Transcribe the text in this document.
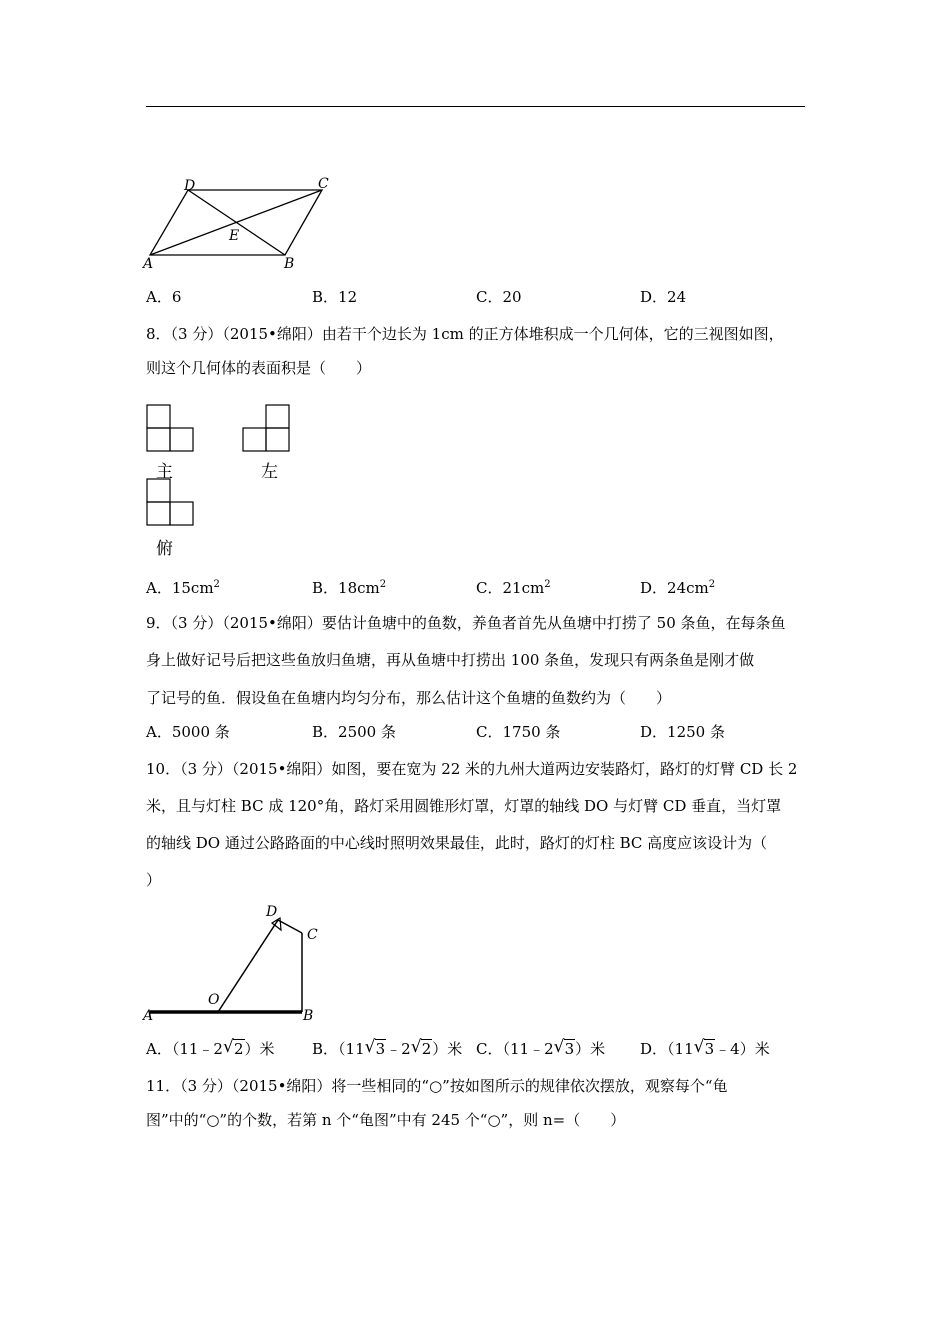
D	C
E
A	B
A．6	B．12	C．20	D．24
8．（3 分）（2015•绵阳）由若干个边长为 1cm 的正方体堆积成一个几何体，它的三视图如图，
则这个几何体的表面积是（　　）
主	左
俯
A．$15cm^2$	B．$18cm^2$	C．$21cm^2$	D．$24cm^2$
9．（3 分）（2015•绵阳）要估计鱼塘中的鱼数，养鱼者首先从鱼塘中打捞了 50 条鱼，在每条鱼
身上做好记号后把这些鱼放归鱼塘，再从鱼塘中打捞出 100 条鱼，发现只有两条鱼是刚才做
了记号的鱼．假设鱼在鱼塘内均匀分布，那么估计这个鱼塘的鱼数约为（　　）
A．5000 条	B．2500 条	C．1750 条	D．1250 条
10．（3 分）（2015•绵阳）如图，要在宽为 22 米的九州大道两边安装路灯，路灯的灯臂 CD 长 2
米，且与灯柱 BC 成 120°角，路灯采用圆锥形灯罩，灯罩的轴线 DO 与灯臂 CD 垂直，当灯罩
的轴线 DO 通过公路路面的中心线时照明效果最佳，此时，路灯的灯柱 BC 高度应该设计为（
）
D
C
O
A	B
A．（11﹣2 √ 2）米 B．（11 √ 3﹣2 √ 2）米 C．（11﹣2 √ 3）米 D．（11 √ 3﹣4）米
11．（3 分）（2015•绵阳）将一些相同的“○”按如图所示的规律依次摆放，观察每个“龟
图”中的“○”的个数，若第 n 个“龟图”中有 245 个“○”，则 n=（　　）
